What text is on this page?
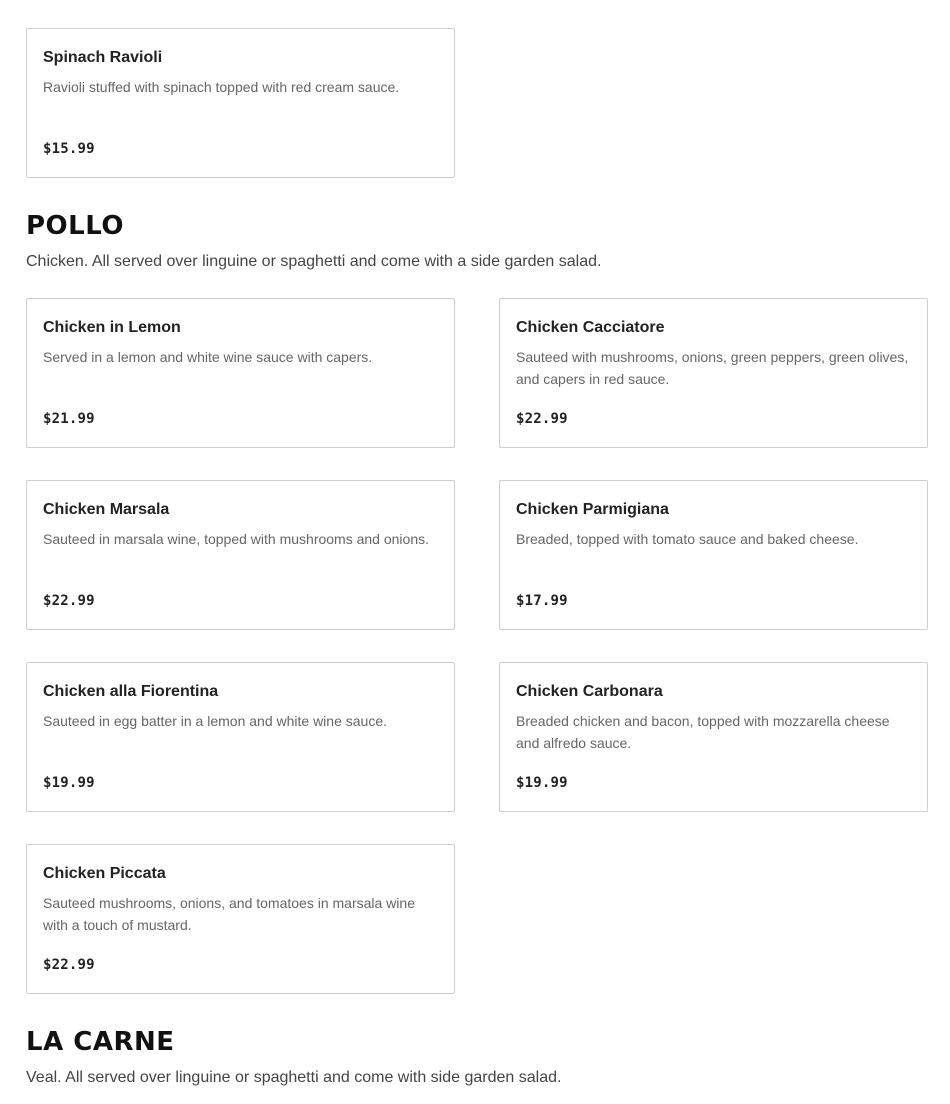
Spinach Ravioli
Ravioli stuffed with spinach topped with red cream sauce.
$15.99
POLLO
Chicken. All served over linguine or spaghetti and come with a side garden salad.
Chicken in Lemon
Served in a lemon and white wine sauce with capers.
$21.99
Chicken Cacciatore
Sauteed with mushrooms, onions, green peppers, green olives, and capers in red sauce.
$22.99
Chicken Marsala
Sauteed in marsala wine, topped with mushrooms and onions.
$22.99
Chicken Parmigiana
Breaded, topped with tomato sauce and baked cheese.
$17.99
Chicken alla Fiorentina
Sauteed in egg batter in a lemon and white wine sauce.
$19.99
Chicken Carbonara
Breaded chicken and bacon, topped with mozzarella cheese and alfredo sauce.
$19.99
Chicken Piccata
Sauteed mushrooms, onions, and tomatoes in marsala wine with a touch of mustard.
$22.99
LA CARNE
Veal. All served over linguine or spaghetti and come with side garden salad.
